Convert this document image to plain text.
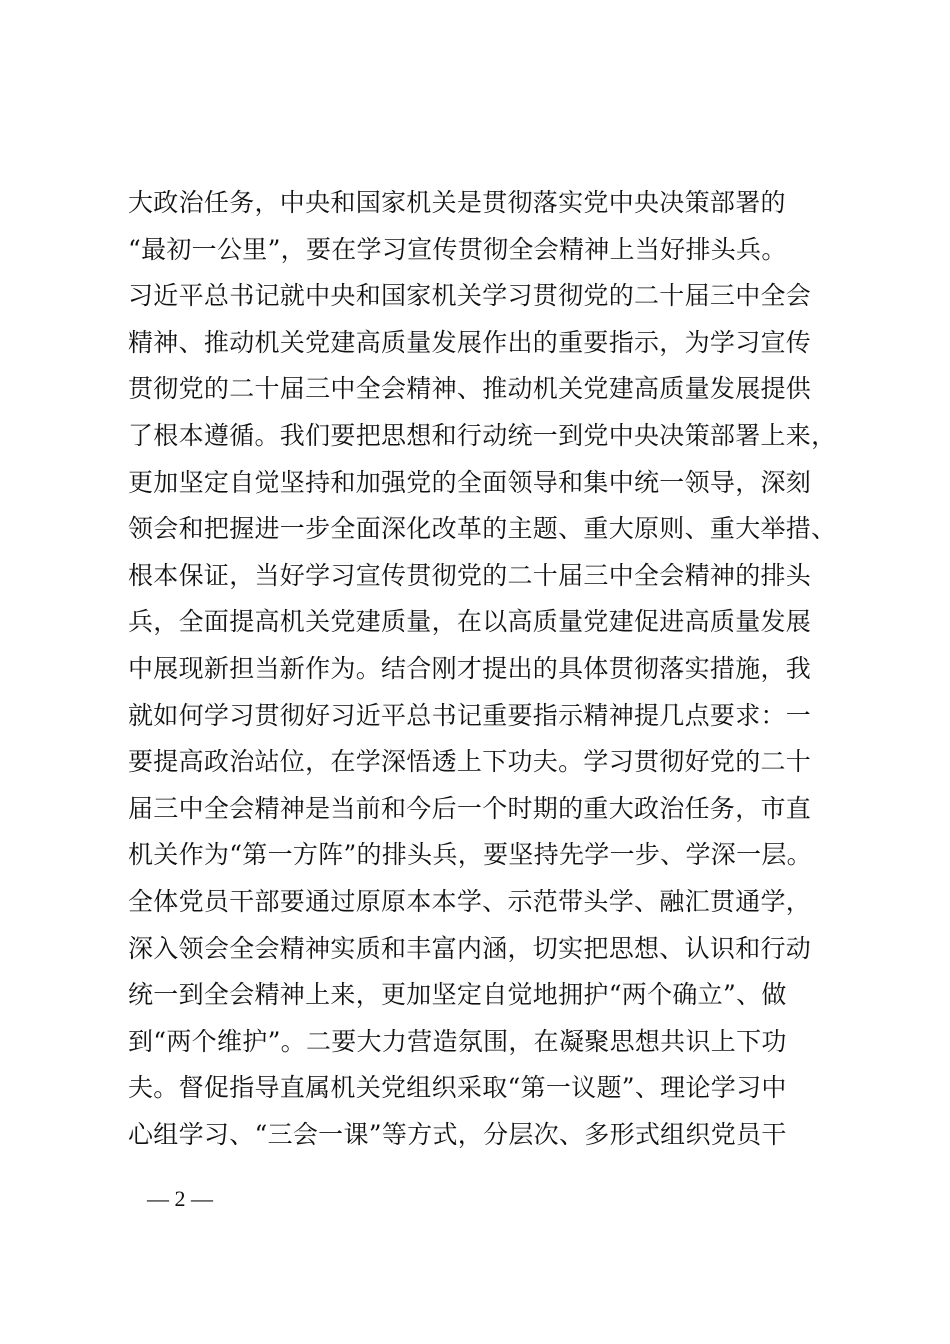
大政治任务，中央和国家机关是贯彻落实党中央决策部署的
“最初一公里”，要在学习宣传贯彻全会精神上当好排头兵。
习近平总书记就中央和国家机关学习贯彻党的二十届三中全会
精神、推动机关党建高质量发展作出的重要指示，为学习宣传
贯彻党的二十届三中全会精神、推动机关党建高质量发展提供
了根本遵循。我们要把思想和行动统一到党中央决策部署上来，
更加坚定自觉坚持和加强党的全面领导和集中统一领导，深刻
领会和把握进一步全面深化改革的主题、重大原则、重大举措、
根本保证，当好学习宣传贯彻党的二十届三中全会精神的排头
兵，全面提高机关党建质量，在以高质量党建促进高质量发展
中展现新担当新作为。结合刚才提出的具体贯彻落实措施，我
就如何学习贯彻好习近平总书记重要指示精神提几点要求：一
要提高政治站位，在学深悟透上下功夫。学习贯彻好党的二十
届三中全会精神是当前和今后一个时期的重大政治任务，市直
机关作为“第一方阵”的排头兵，要坚持先学一步、学深一层。
全体党员干部要通过原原本本学、示范带头学、融汇贯通学，
深入领会全会精神实质和丰富内涵，切实把思想、认识和行动
统一到全会精神上来，更加坚定自觉地拥护“两个确立”、做
到“两个维护”。二要大力营造氛围，在凝聚思想共识上下功
夫。督促指导直属机关党组织采取“第一议题”、理论学习中
心组学习、“三会一课”等方式，分层次、多形式组织党员干
— 2 —
